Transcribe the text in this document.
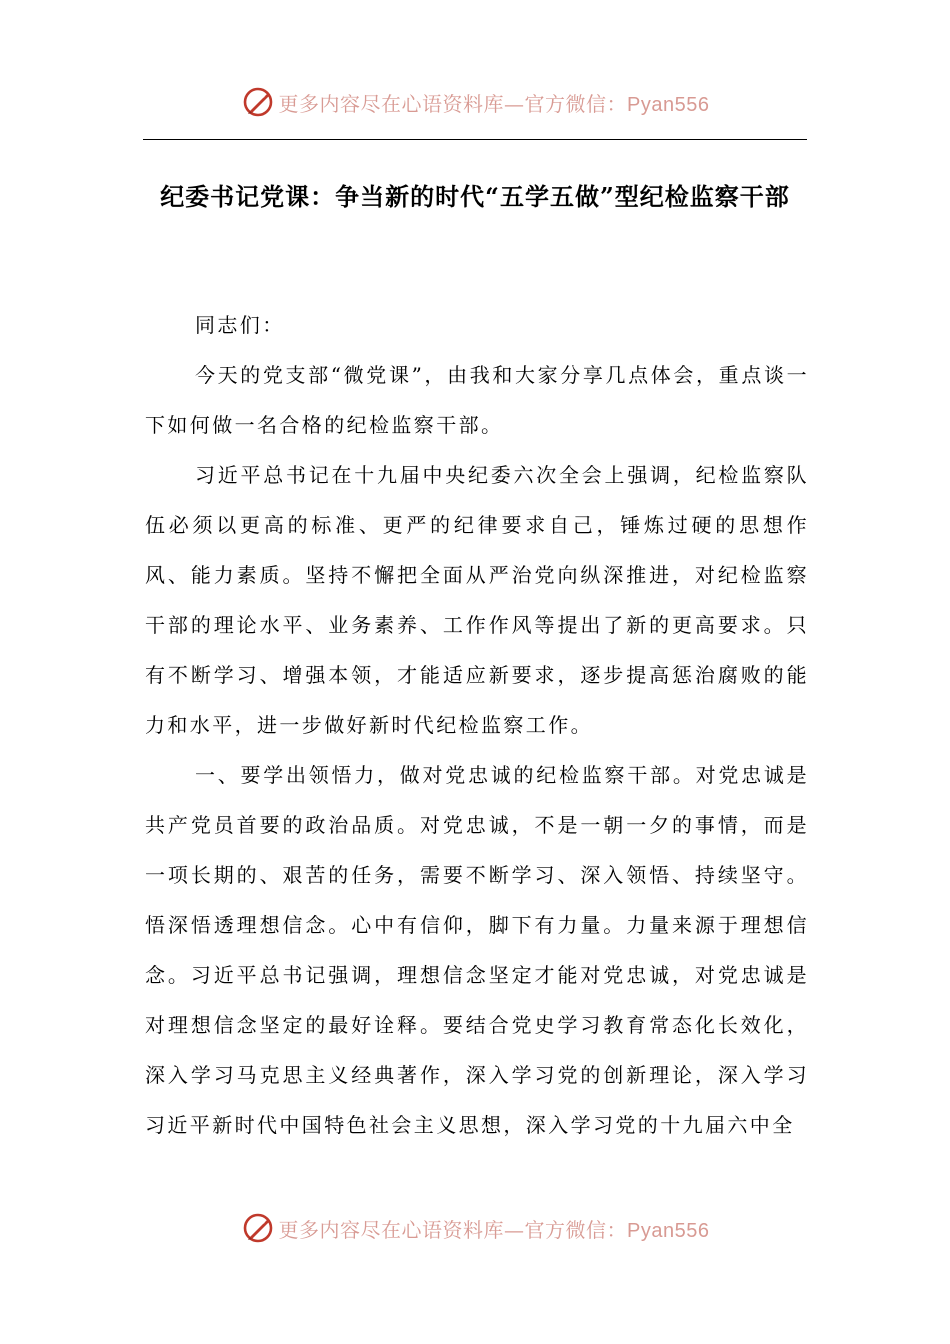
更多内容尽在心语资料库—官方微信：Pyan556
纪委书记党课：争当新的时代“五学五做”型纪检监察干部

同志们：

今天的党支部“微党课”，由我和大家分享几点体会，重点谈一下如何做一名合格的纪检监察干部。

习近平总书记在十九届中央纪委六次全会上强调，纪检监察队伍必须以更高的标准、更严的纪律要求自己，锤炼过硬的思想作风、能力素质。坚持不懈把全面从严治党向纵深推进，对纪检监察干部的理论水平、业务素养、工作作风等提出了新的更高要求。只有不断学习、增强本领，才能适应新要求，逐步提高惩治腐败的能力和水平，进一步做好新时代纪检监察工作。

一、要学出领悟力，做对党忠诚的纪检监察干部。对党忠诚是共产党员首要的政治品质。对党忠诚，不是一朝一夕的事情，而是一项长期的、艰苦的任务，需要不断学习、深入领悟、持续坚守。悟深悟透理想信念。心中有信仰，脚下有力量。力量来源于理想信念。习近平总书记强调，理想信念坚定才能对党忠诚，对党忠诚是对理想信念坚定的最好诠释。要结合党史学习教育常态化长效化，深入学习马克思主义经典著作，深入学习党的创新理论，深入学习习近平新时代中国特色社会主义思想，深入学习党的十九届六中全

更多内容尽在心语资料库—官方微信：Pyan556
